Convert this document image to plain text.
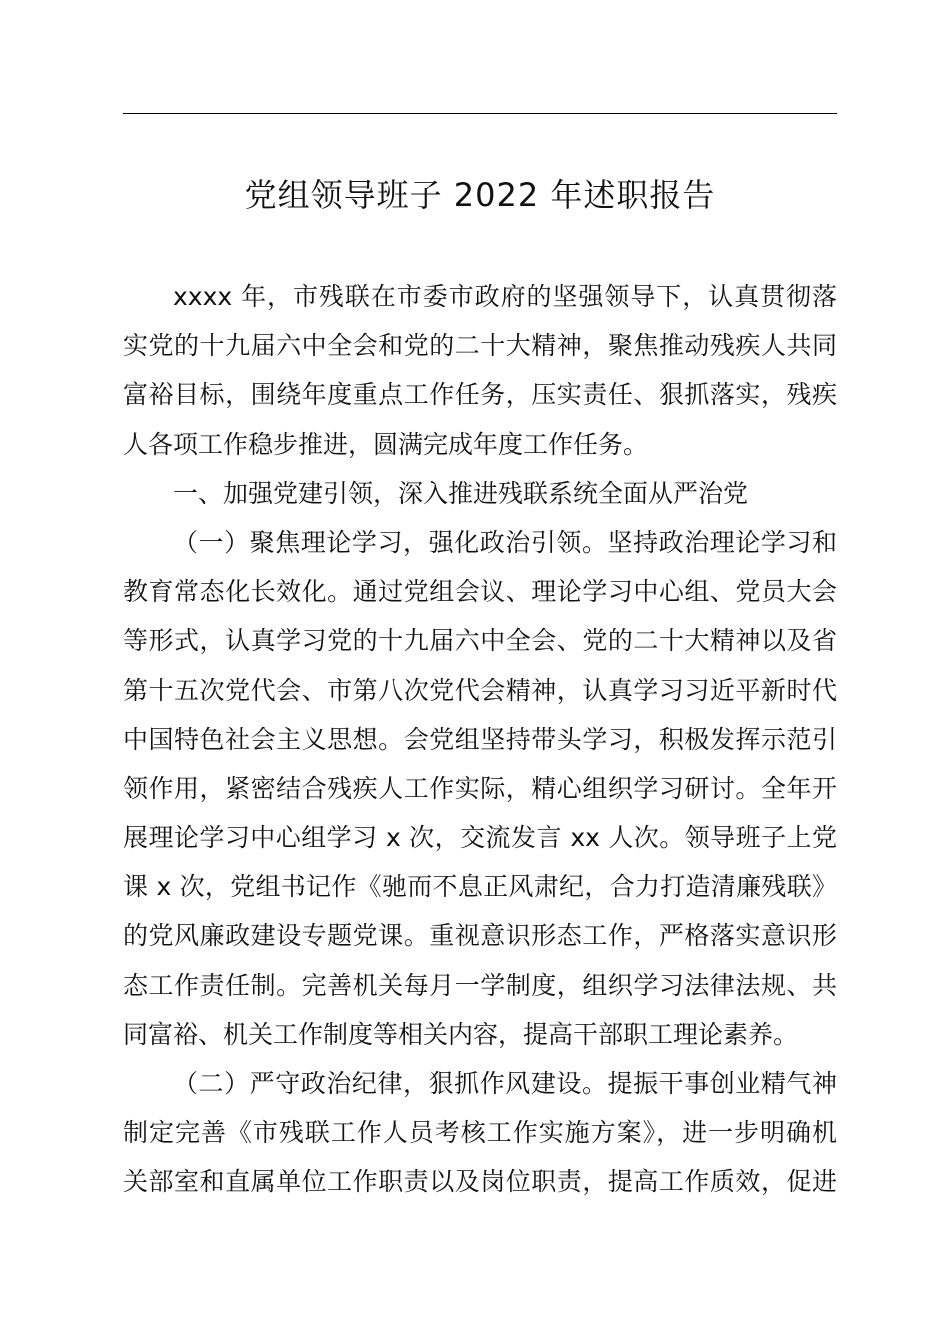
党组领导班子 2022 年述职报告
xxxx 年，市残联在市委市政府的坚强领导下，认真贯彻落
实党的十九届六中全会和党的二十大精神，聚焦推动残疾人共同
富裕目标，围绕年度重点工作任务，压实责任、狠抓落实，残疾
人各项工作稳步推进，圆满完成年度工作任务。
一、加强党建引领，深入推进残联系统全面从严治党
（一）聚焦理论学习，强化政治引领。坚持政治理论学习和
教育常态化长效化。通过党组会议、理论学习中心组、党员大会
等形式，认真学习党的十九届六中全会、党的二十大精神以及省
第十五次党代会、市第八次党代会精神，认真学习习近平新时代
中国特色社会主义思想。会党组坚持带头学习，积极发挥示范引
领作用，紧密结合残疾人工作实际，精心组织学习研讨。全年开
展理论学习中心组学习 x 次，交流发言 xx 人次。领导班子上党
课 x 次，党组书记作《驰而不息正风肃纪，合力打造清廉残联》
的党风廉政建设专题党课。重视意识形态工作，严格落实意识形
态工作责任制。完善机关每月一学制度，组织学习法律法规、共
同富裕、机关工作制度等相关内容，提高干部职工理论素养。
（二）严守政治纪律，狠抓作风建设。提振干事创业精气神
制定完善《市残联工作人员考核工作实施方案》，进一步明确机
关部室和直属单位工作职责以及岗位职责，提高工作质效，促进
